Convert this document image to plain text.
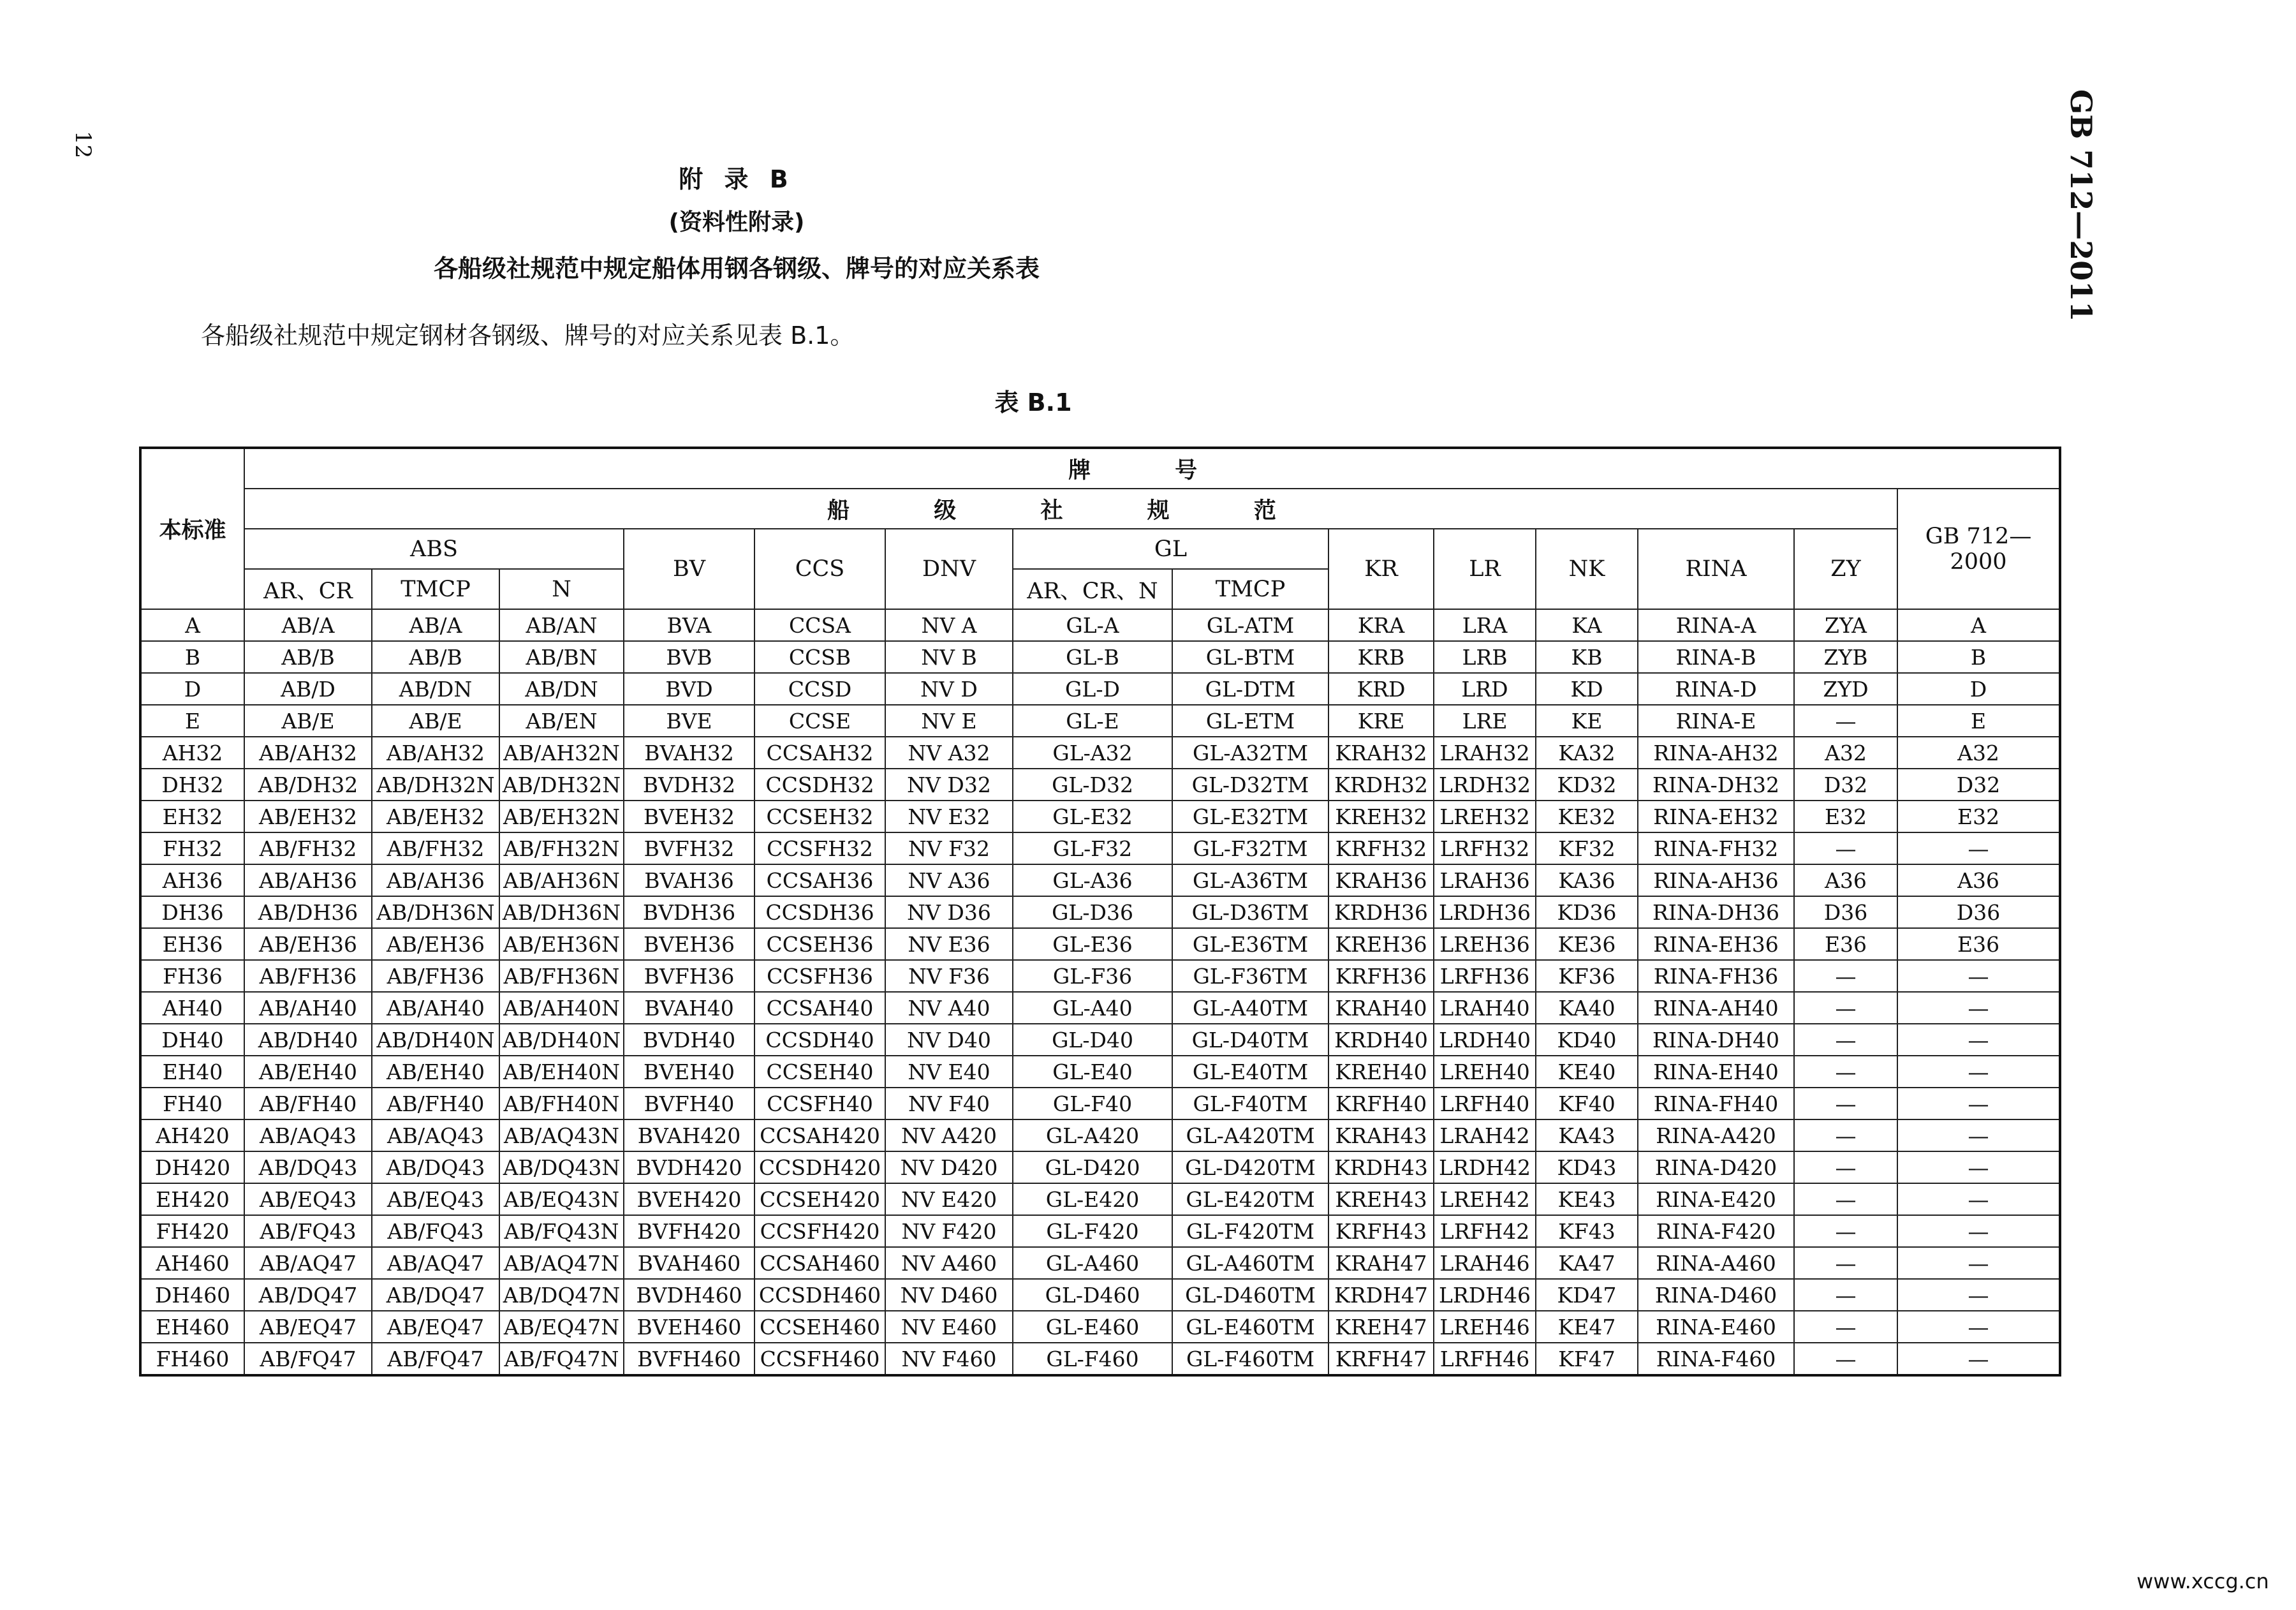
12	GB 712—2011
附 录 B
(资料性附录)
各船级社规范中规定船体用钢各钢级、牌号的对应关系表
各船级社规范中规定钢材各钢级、牌号的对应关系见表 B.1。
表 B.1
本标准	牌 号													
	船 级 社 规 范													GB 712—
2000
	ABS			BV	CCS	DNV	GL		KR	LR	NK	RINA	ZY	
	AR、CR	TMCP	N				AR、CR、N	TMCP						
A	AB/A	AB/A	AB/AN	BVA	CCSA	NV A	GL-A	GL-ATM	KRA	LRA	KA	RINA-A	ZYA	A
B	AB/B	AB/B	AB/BN	BVB	CCSB	NV B	GL-B	GL-BTM	KRB	LRB	KB	RINA-B	ZYB	B
D	AB/D	AB/DN	AB/DN	BVD	CCSD	NV D	GL-D	GL-DTM	KRD	LRD	KD	RINA-D	ZYD	D
E	AB/E	AB/E	AB/EN	BVE	CCSE	NV E	GL-E	GL-ETM	KRE	LRE	KE	RINA-E	—	E
AH32	AB/AH32	AB/AH32	AB/AH32N	BVAH32	CCSAH32	NV A32	GL-A32	GL-A32TM	KRAH32	LRAH32	KA32	RINA-AH32	A32	A32
DH32	AB/DH32	AB/DH32N	AB/DH32N	BVDH32	CCSDH32	NV D32	GL-D32	GL-D32TM	KRDH32	LRDH32	KD32	RINA-DH32	D32	D32
EH32	AB/EH32	AB/EH32	AB/EH32N	BVEH32	CCSEH32	NV E32	GL-E32	GL-E32TM	KREH32	LREH32	KE32	RINA-EH32	E32	E32
FH32	AB/FH32	AB/FH32	AB/FH32N	BVFH32	CCSFH32	NV F32	GL-F32	GL-F32TM	KRFH32	LRFH32	KF32	RINA-FH32	—	—
AH36	AB/AH36	AB/AH36	AB/AH36N	BVAH36	CCSAH36	NV A36	GL-A36	GL-A36TM	KRAH36	LRAH36	KA36	RINA-AH36	A36	A36
DH36	AB/DH36	AB/DH36N	AB/DH36N	BVDH36	CCSDH36	NV D36	GL-D36	GL-D36TM	KRDH36	LRDH36	KD36	RINA-DH36	D36	D36
EH36	AB/EH36	AB/EH36	AB/EH36N	BVEH36	CCSEH36	NV E36	GL-E36	GL-E36TM	KREH36	LREH36	KE36	RINA-EH36	E36	E36
FH36	AB/FH36	AB/FH36	AB/FH36N	BVFH36	CCSFH36	NV F36	GL-F36	GL-F36TM	KRFH36	LRFH36	KF36	RINA-FH36	—	—
AH40	AB/AH40	AB/AH40	AB/AH40N	BVAH40	CCSAH40	NV A40	GL-A40	GL-A40TM	KRAH40	LRAH40	KA40	RINA-AH40	—	—
DH40	AB/DH40	AB/DH40N	AB/DH40N	BVDH40	CCSDH40	NV D40	GL-D40	GL-D40TM	KRDH40	LRDH40	KD40	RINA-DH40	—	—
EH40	AB/EH40	AB/EH40	AB/EH40N	BVEH40	CCSEH40	NV E40	GL-E40	GL-E40TM	KREH40	LREH40	KE40	RINA-EH40	—	—
FH40	AB/FH40	AB/FH40	AB/FH40N	BVFH40	CCSFH40	NV F40	GL-F40	GL-F40TM	KRFH40	LRFH40	KF40	RINA-FH40	—	—
AH420	AB/AQ43	AB/AQ43	AB/AQ43N	BVAH420	CCSAH420	NV A420	GL-A420	GL-A420TM	KRAH43	LRAH42	KA43	RINA-A420	—	—
DH420	AB/DQ43	AB/DQ43	AB/DQ43N	BVDH420	CCSDH420	NV D420	GL-D420	GL-D420TM	KRDH43	LRDH42	KD43	RINA-D420	—	—
EH420	AB/EQ43	AB/EQ43	AB/EQ43N	BVEH420	CCSEH420	NV E420	GL-E420	GL-E420TM	KREH43	LREH42	KE43	RINA-E420	—	—
FH420	AB/FQ43	AB/FQ43	AB/FQ43N	BVFH420	CCSFH420	NV F420	GL-F420	GL-F420TM	KRFH43	LRFH42	KF43	RINA-F420	—	—
AH460	AB/AQ47	AB/AQ47	AB/AQ47N	BVAH460	CCSAH460	NV A460	GL-A460	GL-A460TM	KRAH47	LRAH46	KA47	RINA-A460	—	—
DH460	AB/DQ47	AB/DQ47	AB/DQ47N	BVDH460	CCSDH460	NV D460	GL-D460	GL-D460TM	KRDH47	LRDH46	KD47	RINA-D460	—	—
EH460	AB/EQ47	AB/EQ47	AB/EQ47N	BVEH460	CCSEH460	NV E460	GL-E460	GL-E460TM	KREH47	LREH46	KE47	RINA-E460	—	—
FH460	AB/FQ47	AB/FQ47	AB/FQ47N	BVFH460	CCSFH460	NV F460	GL-F460	GL-F460TM	KRFH47	LRFH46	KF47	RINA-F460	—	—
www.xccg.cn
